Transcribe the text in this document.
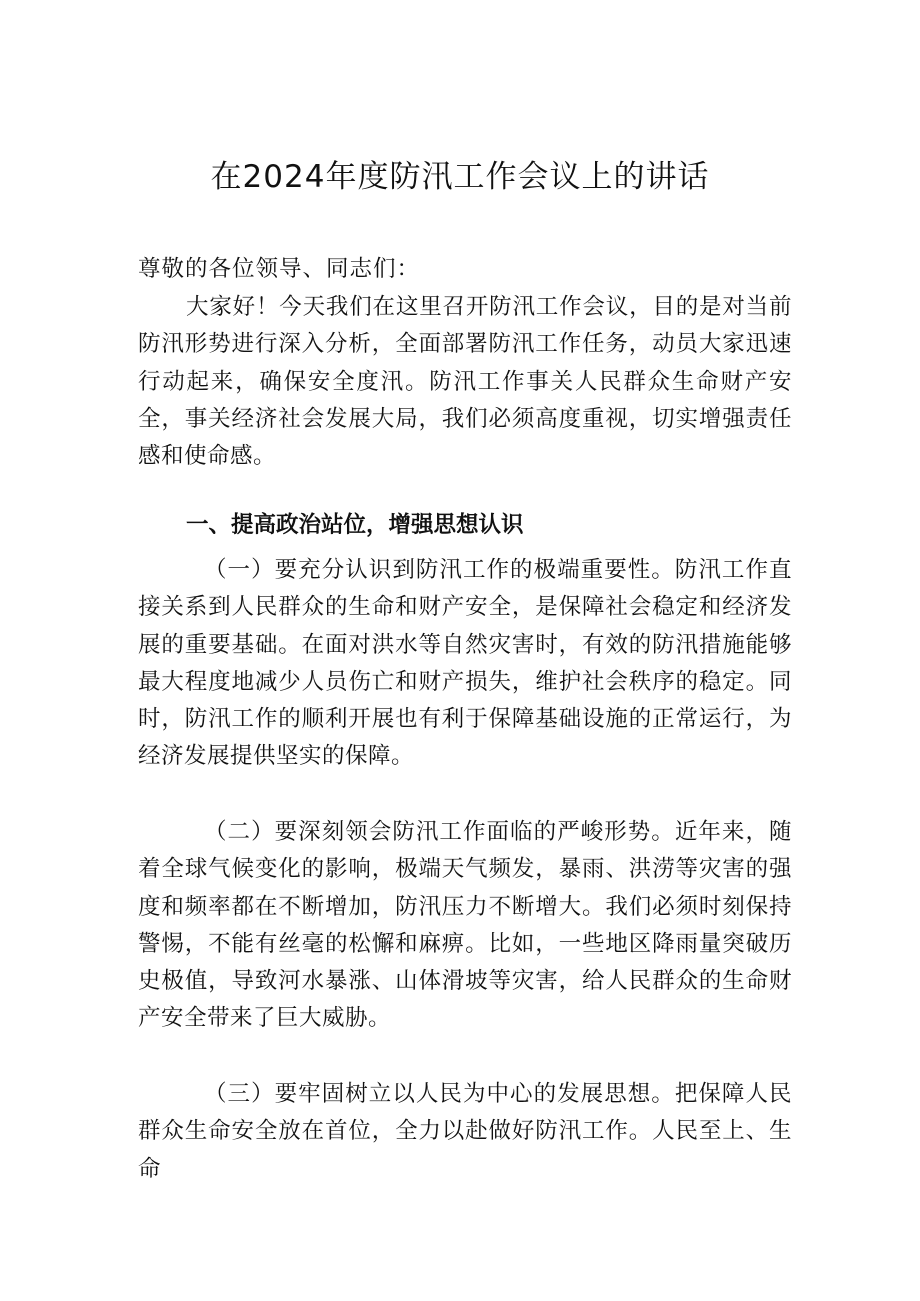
在2024年度防汛工作会议上的讲话

尊敬的各位领导、同志们：

大家好！今天我们在这里召开防汛工作会议，目的是对当前防汛形势进行深入分析，全面部署防汛工作任务，动员大家迅速行动起来，确保安全度汛。防汛工作事关人民群众生命财产安全，事关经济社会发展大局，我们必须高度重视，切实增强责任感和使命感。

一、提高政治站位，增强思想认识

（一）要充分认识到防汛工作的极端重要性。防汛工作直接关系到人民群众的生命和财产安全，是保障社会稳定和经济发展的重要基础。在面对洪水等自然灾害时，有效的防汛措施能够最大程度地减少人员伤亡和财产损失，维护社会秩序的稳定。同时，防汛工作的顺利开展也有利于保障基础设施的正常运行，为经济发展提供坚实的保障。

（二）要深刻领会防汛工作面临的严峻形势。近年来，随着全球气候变化的影响，极端天气频发，暴雨、洪涝等灾害的强度和频率都在不断增加，防汛压力不断增大。我们必须时刻保持警惕，不能有丝毫的松懈和麻痹。比如，一些地区降雨量突破历史极值，导致河水暴涨、山体滑坡等灾害，给人民群众的生命财产安全带来了巨大威胁。

（三）要牢固树立以人民为中心的发展思想。把保障人民群众生命安全放在首位，全力以赴做好防汛工作。人民至上、生命
